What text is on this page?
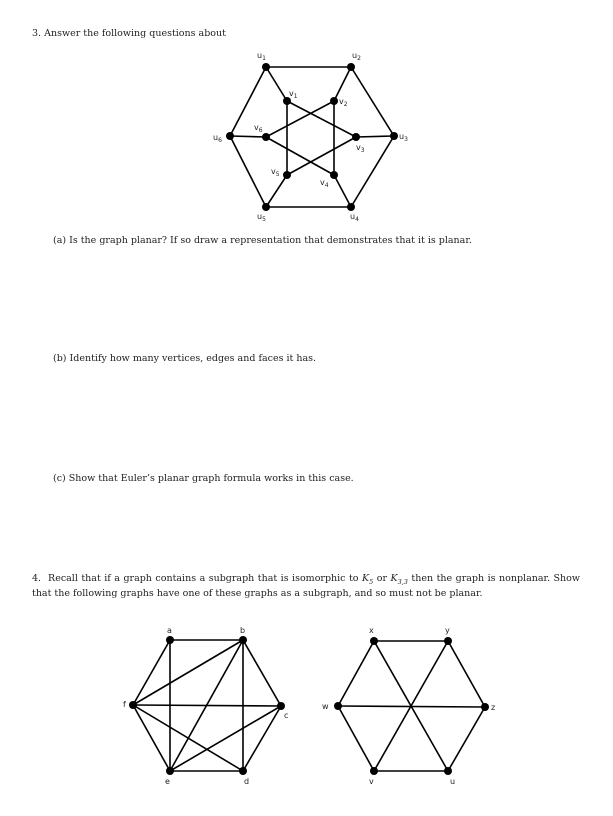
3. Answer the following questions about

$u_1$	$u_2$
$u_3$
$u_4$
$u_5$
$u_6$
$v_1$
$v_2$
$v_3$
$v_4$
$v_5$
$v_6$
a	b
c
d
e
f
x	y
z
u
v
w

(a) Is the graph planar? If so draw a representation that demonstrates that it is planar.

(b) Identify how many vertices, edges and faces it has.

(c) Show that Euler’s planar graph formula works in this case.

4. Recall that if a graph contains a subgraph that is isomorphic to $K_5$ or $K_{3,3}$ then the graph is nonplanar. Show that the following graphs have one of these graphs as a subgraph, and so must not be planar.
